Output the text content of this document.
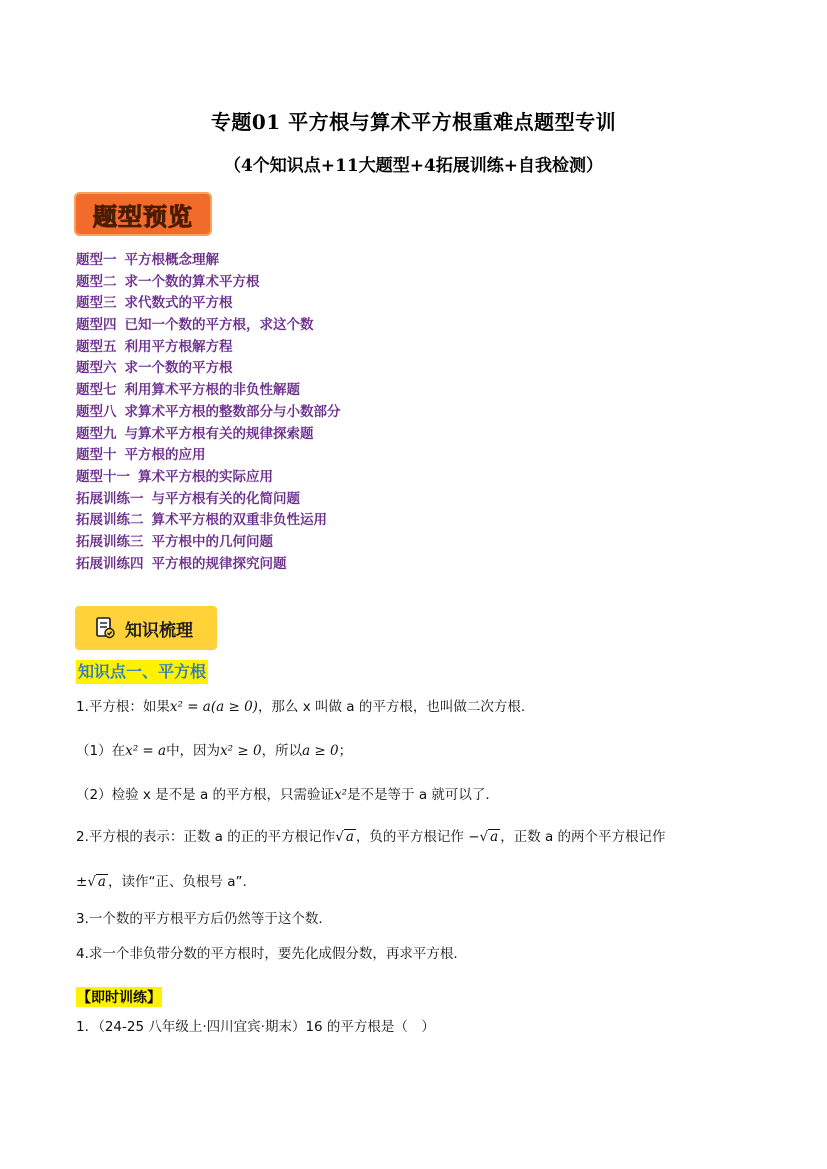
专题01 平方根与算术平方根重难点题型专训
（4个知识点+11大题型+4拓展训练+自我检测）
题型预览
题型一 平方根概念理解
题型二 求一个数的算术平方根
题型三 求代数式的平方根
题型四 已知一个数的平方根，求这个数
题型五 利用平方根解方程
题型六 求一个数的平方根
题型七 利用算术平方根的非负性解题
题型八 求算术平方根的整数部分与小数部分
题型九 与算术平方根有关的规律探索题
题型十 平方根的应用
题型十一 算术平方根的实际应用
拓展训练一 与平方根有关的化简问题
拓展训练二 算术平方根的双重非负性运用
拓展训练三 平方根中的几何问题
拓展训练四 平方根的规律探究问题
知识梳理
知识点一、平方根
1.平方根：如果x² = a(a ≥ 0)，那么 x 叫做 a 的平方根，也叫做二次方根.
（1）在x² = a中，因为x² ≥ 0，所以a ≥ 0；
（2）检验 x 是不是 a 的平方根，只需验证x²是不是等于 a 就可以了.
2.平方根的表示：正数 a 的正的平方根记作√ a ，负的平方根记作 −√ a ，正数 a 的两个平方根记作
±√ a ，读作“正、负根号 a”.
3.一个数的平方根平方后仍然等于这个数.
4.求一个非负带分数的平方根时，要先化成假分数，再求平方根.
【即时训练】
1．（24-25 八年级上·四川宜宾·期末）16 的平方根是（　）
